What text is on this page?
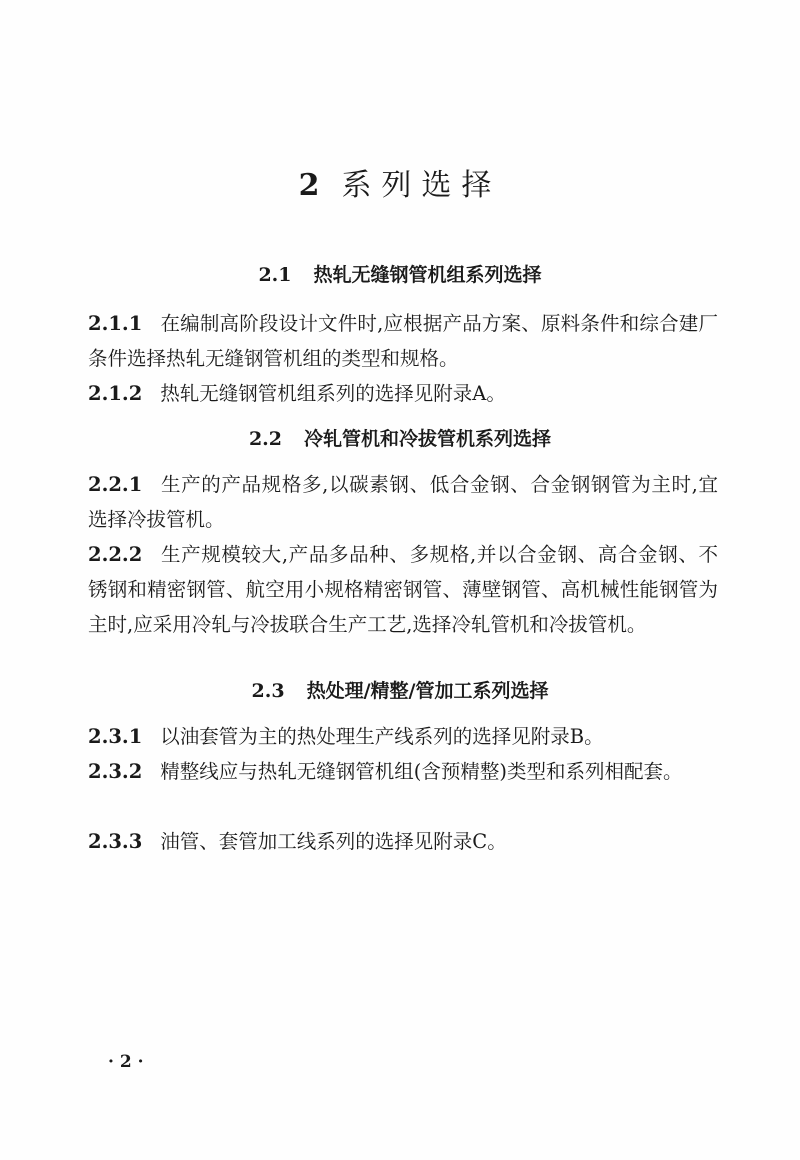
2 系列选择
2.1 热轧无缝钢管机组系列选择
2.1.1 在编制高阶段设计文件时,应根据产品方案、原料条件和综合建厂条件选择热轧无缝钢管机组的类型和规格。
2.1.2 热轧无缝钢管机组系列的选择见附录A。
2.2 冷轧管机和冷拔管机系列选择
2.2.1 生产的产品规格多,以碳素钢、低合金钢、合金钢钢管为主时,宜选择冷拔管机。
2.2.2 生产规模较大,产品多品种、多规格,并以合金钢、高合金钢、不锈钢和精密钢管、航空用小规格精密钢管、薄壁钢管、高机械性能钢管为主时,应采用冷轧与冷拔联合生产工艺,选择冷轧管机和冷拔管机。
2.3 热处理/精整/管加工系列选择
2.3.1 以油套管为主的热处理生产线系列的选择见附录B。
2.3.2 精整线应与热轧无缝钢管机组(含预精整)类型和系列相配套。
2.3.3 油管、套管加工线系列的选择见附录C。
· 2 ·
